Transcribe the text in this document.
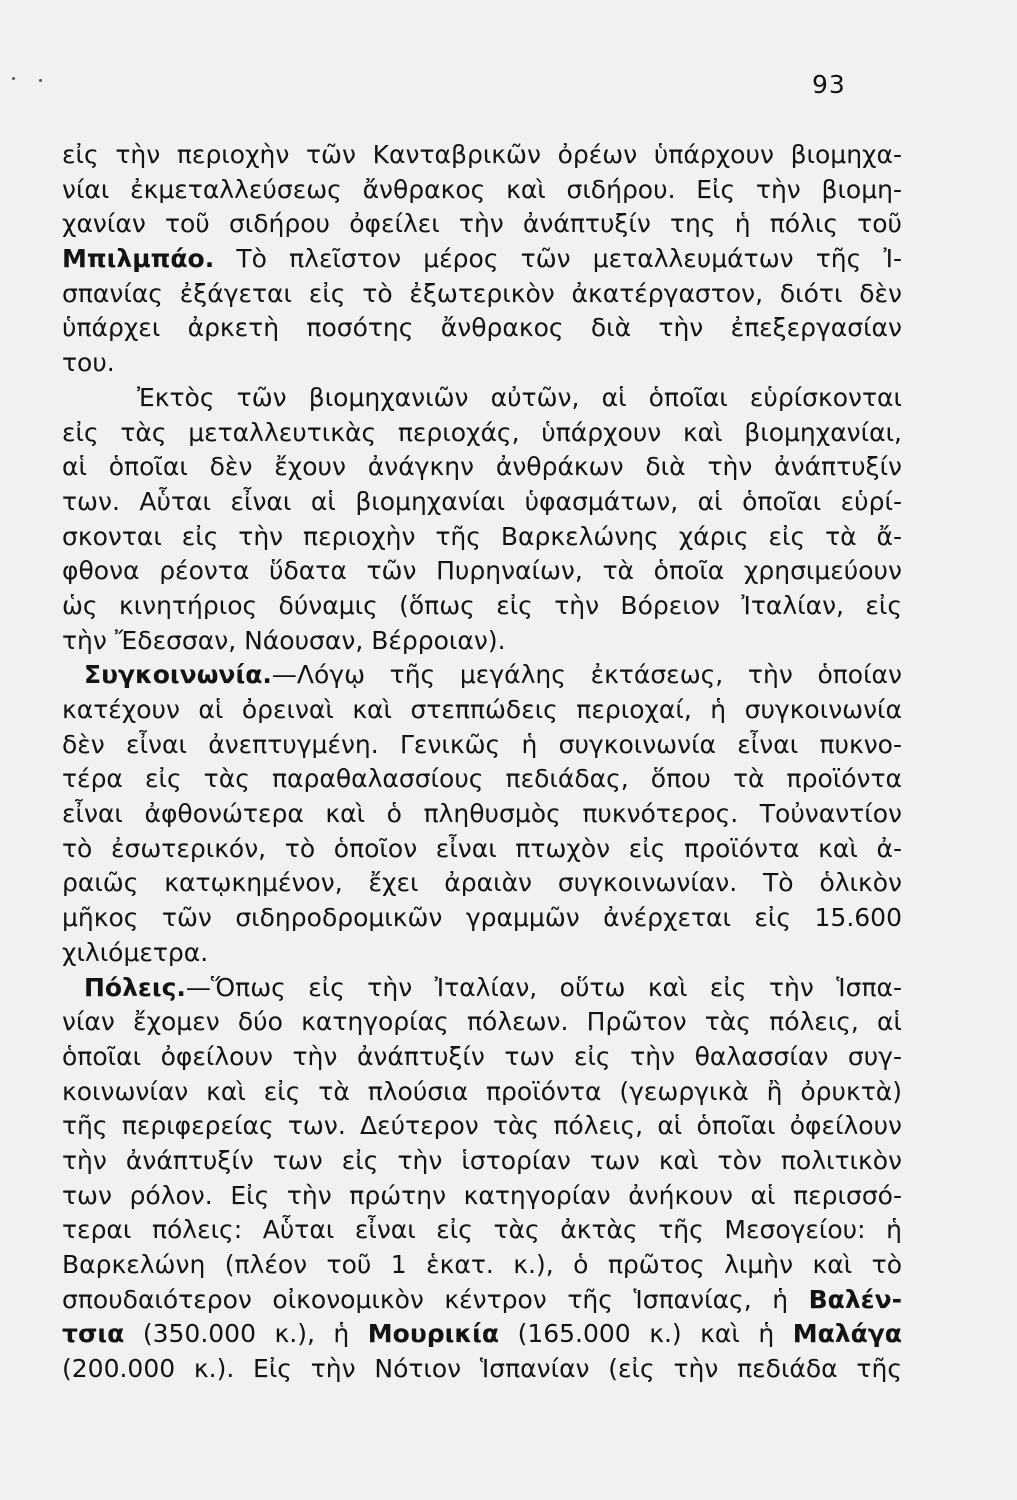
93
εἰς τὴν περιοχὴν τῶν Κανταβρικῶν ὀρέων ὑπάρχουν βιομηχα-
νίαι ἐκμεταλλεύσεως ἄνθρακος καὶ σιδήρου. Εἰς τὴν βιομη-
χανίαν τοῦ σιδήρου ὀφείλει τὴν ἀνάπτυξίν της ἡ πόλις τοῦ
Μπιλμπάο. Τὸ πλεῖστον μέρος τῶν μεταλλευμάτων τῆς Ἰ-
σπανίας ἐξάγεται εἰς τὸ ἐξωτερικὸν ἀκατέργαστον, διότι δὲν
ὑπάρχει ἀρκετὴ ποσότης ἄνθρακος διὰ τὴν ἐπεξεργασίαν
του.
Ἐκτὸς τῶν βιομηχανιῶν αὐτῶν, αἱ ὁποῖαι εὑρίσκονται
εἰς τὰς μεταλλευτικὰς περιοχάς, ὑπάρχουν καὶ βιομηχανίαι,
αἱ ὁποῖαι δὲν ἔχουν ἀνάγκην ἀνθράκων διὰ τὴν ἀνάπτυξίν
των. Αὗται εἶναι αἱ βιομηχανίαι ὑφασμάτων, αἱ ὁποῖαι εὑρί-
σκονται εἰς τὴν περιοχὴν τῆς Βαρκελώνης χάρις εἰς τὰ ἄ-
φθονα ρέοντα ὕδατα τῶν Πυρηναίων, τὰ ὁποῖα χρησιμεύουν
ὡς κινητήριος δύναμις (ὅπως εἰς τὴν Βόρειον Ἰταλίαν, εἰς
τὴν Ἔδεσσαν, Νάουσαν, Βέρροιαν).
Συγκοινωνία.—Λόγῳ τῆς μεγάλης ἐκτάσεως, τὴν ὁποίαν
κατέχουν αἱ ὀρειναὶ καὶ στεππώδεις περιοχαί, ἡ συγκοινωνία
δὲν εἶναι ἀνεπτυγμένη. Γενικῶς ἡ συγκοινωνία εἶναι πυκνο-
τέρα εἰς τὰς παραθαλασσίους πεδιάδας, ὅπου τὰ προϊόντα
εἶναι ἀφθονώτερα καὶ ὁ πληθυσμὸς πυκνότερος. Τοὐναντίον
τὸ ἐσωτερικόν, τὸ ὁποῖον εἶναι πτωχὸν εἰς προϊόντα καὶ ἀ-
ραιῶς κατῳκημένον, ἔχει ἀραιὰν συγκοινωνίαν. Τὸ ὁλικὸν
μῆκος τῶν σιδηροδρομικῶν γραμμῶν ἀνέρχεται εἰς 15.600
χιλιόμετρα.
Πόλεις.—Ὅπως εἰς τὴν Ἰταλίαν, οὕτω καὶ εἰς τὴν Ἱσπα-
νίαν ἔχομεν δύο κατηγορίας πόλεων. Πρῶτον τὰς πόλεις, αἱ
ὁποῖαι ὀφείλουν τὴν ἀνάπτυξίν των εἰς τὴν θαλασσίαν συγ-
κοινωνίαν καὶ εἰς τὰ πλούσια προϊόντα (γεωργικὰ ἢ ὀρυκτὰ)
τῆς περιφερείας των. Δεύτερον τὰς πόλεις, αἱ ὁποῖαι ὀφείλουν
τὴν ἀνάπτυξίν των εἰς τὴν ἱστορίαν των καὶ τὸν πολιτικὸν
των ρόλον. Εἰς τὴν πρώτην κατηγορίαν ἀνήκουν αἱ περισσό-
τεραι πόλεις: Αὗται εἶναι εἰς τὰς ἀκτὰς τῆς Μεσογείου: ἡ
Βαρκελώνη (πλέον τοῦ 1 ἑκατ. κ.), ὁ πρῶτος λιμὴν καὶ τὸ
σπουδαιότερον οἰκονομικὸν κέντρον τῆς Ἱσπανίας, ἡ Βαλέν-
τσια (350.000 κ.), ἡ Μουρικία (165.000 κ.) καὶ ἡ Μαλάγα
(200.000 κ.). Εἰς τὴν Νότιον Ἱσπανίαν (εἰς τὴν πεδιάδα τῆς
